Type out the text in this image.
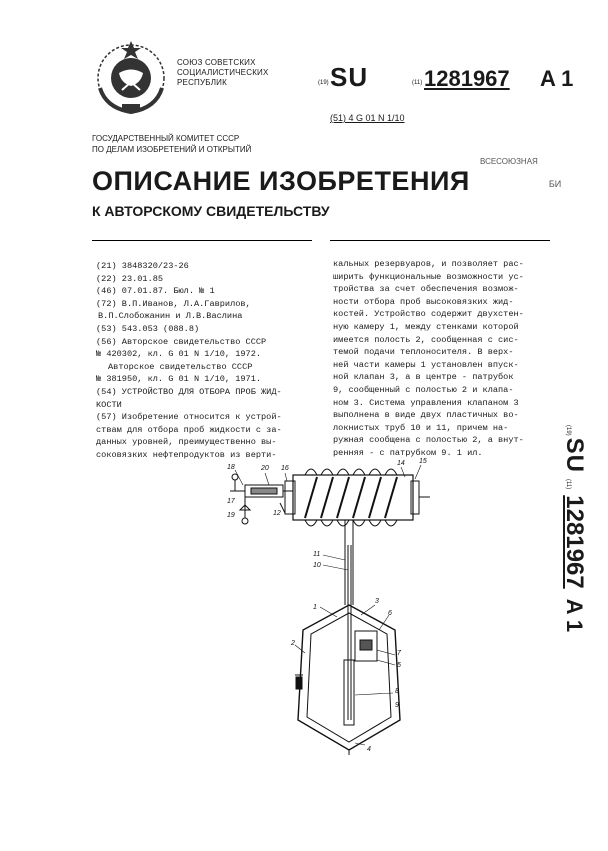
СОЮЗ СОВЕТСКИХ
СОЦИАЛИСТИЧЕСКИХ
РЕСПУБЛИК	(19) SU	(11) 1281967 A 1
(51) 4 G 01 N 1/10
ГОСУДАРСТВЕННЫЙ КОМИТЕТ СССР
ПО ДЕЛАМ ИЗОБРЕТЕНИЙ И ОТКРЫТИЙ
ВСЕСОЮЗНАЯ
БИ
ОПИСАНИЕ ИЗОБРЕТЕНИЯ
К АВТОРСКОМУ СВИДЕТЕЛЬСТВУ
(21) 3848320/23-26
(22) 23.01.85
(46) 07.01.87. Бюл. № 1
(72) В.П.Иванов, Л.А.Гаврилов,
В.П.Слобожанин и Л.В.Васлина
(53) 543.053 (088.8)
(56) Авторское свидетельство СССР
№ 420302, кл. G 01 N 1/10, 1972.
Авторское свидетельство СССР
№ 381950, кл. G 01 N 1/10, 1971.
(54) УСТРОЙСТВО ДЛЯ ОТБОРА ПРОБ ЖИД-
КОСТИ
(57) Изобретение относится к устрой-
ствам для отбора проб жидкости с за-
данных уровней, преимущественно вы-
соковязких нефтепродуктов из верти-
кальных резервуаров, и позволяет рас-
ширить функциональные возможности ус-
тройства за счет обеспечения возмож-
ности отбора проб высоковязких жид-
костей. Устройство содержит двухстен-
ную камеру 1, между стенками которой
имеется полость 2, сообщенная с сис-
темой подачи теплоносителя. В верх-
ней части камеры 1 установлен впуск-
ной клапан 3, а в центре - патрубок
9, сообщенный с полостью 2 и клапа-
ном 3. Система управления клапаном 3
выполнена в виде двух пластичных во-
локнистых труб 10 и 11, причем на-
ружная сообщена с полостью 2, а внут-
ренняя - с патрубком 9. 1 ил.
18	20 16
14 15
17
19	12
11
10
1
3
6
2
8
7
5
9
4
(19)SU(11)1281967A 1
